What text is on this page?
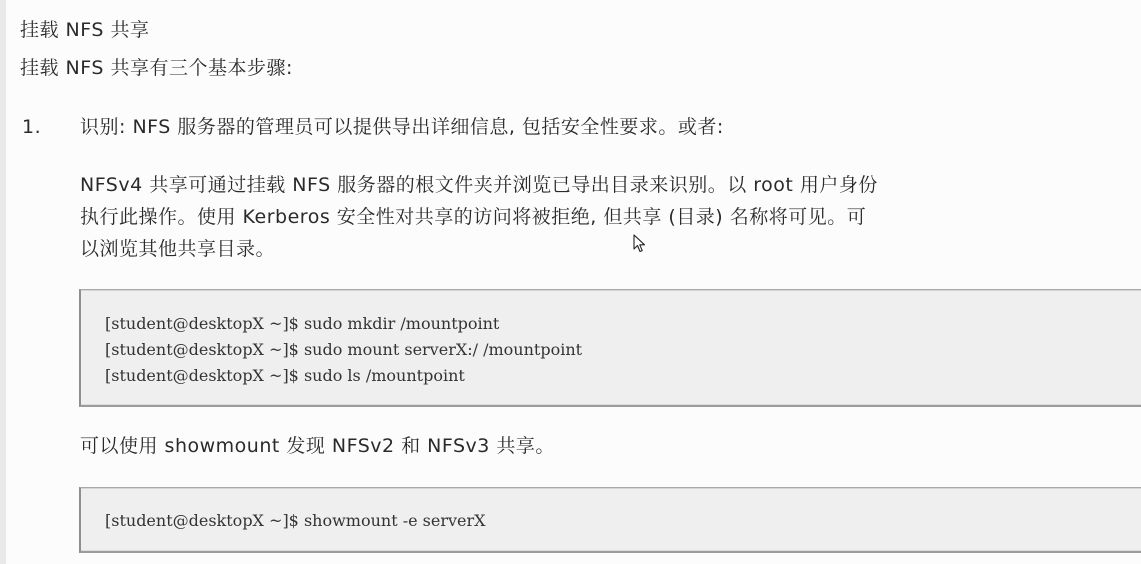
挂载 NFS 共享
挂载 NFS 共享有三个基本步骤:
1. 识别: NFS 服务器的管理员可以提供导出详细信息, 包括安全性要求。或者:
NFSv4 共享可通过挂载 NFS 服务器的根文件夹并浏览已导出目录来识别。以 root 用户身份
执行此操作。使用 Kerberos 安全性对共享的访问将被拒绝, 但共享 (目录) 名称将可见。可
以浏览其他共享目录。
[student@desktopX ~]$ sudo mkdir /mountpoint
[student@desktopX ~]$ sudo mount serverX:/ /mountpoint
[student@desktopX ~]$ sudo ls /mountpoint
可以使用 showmount 发现 NFSv2 和 NFSv3 共享。
[student@desktopX ~]$ showmount -e serverX
